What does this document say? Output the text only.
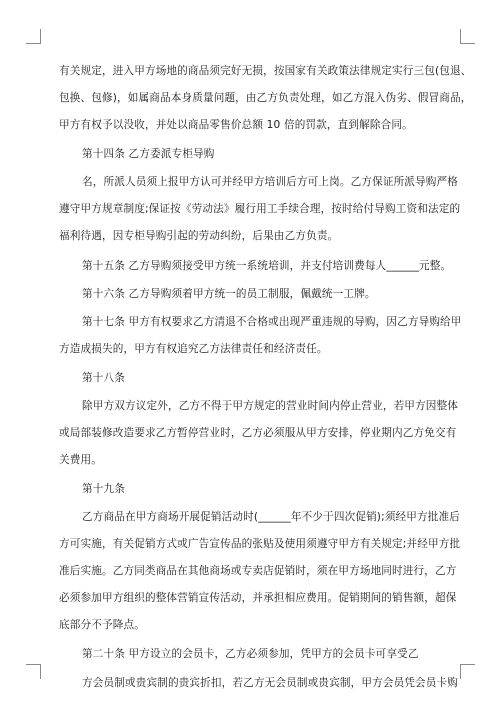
有关规定，进入甲方场地的商品须完好无损，按国家有关政策法律规定实行三包(包退、
包换、包修)，如属商品本身质量问题，由乙方负责处理，如乙方混入伪劣、假冒商品，
甲方有权予以没收，并处以商品零售价总额 10 倍的罚款，直到解除合同。
第十四条 乙方委派专柜导购
名，所派人员须上报甲方认可并经甲方培训后方可上岗。乙方保证所派导购严格
遵守甲方规章制度;保证按《劳动法》履行用工手续合理，按时给付导购工资和法定的
福利待遇，因专柜导购引起的劳动纠纷，后果由乙方负责。
第十五条 乙方导购须接受甲方统一系统培训，并支付培训费每人______元整。
第十六条 乙方导购须着甲方统一的员工制服，佩戴统一工牌。
第十七条 甲方有权要求乙方清退不合格或出现严重违规的导购，因乙方导购给甲
方造成损失的，甲方有权追究乙方法律责任和经济责任。
第十八条
除甲方双方议定外，乙方不得于甲方规定的营业时间内停止营业，若甲方因整体
或局部装修改造要求乙方暂停营业时，乙方必须服从甲方安排，停业期内乙方免交有
关费用。
第十九条
乙方商品在甲方商场开展促销活动时(______年不少于四次促销);须经甲方批准后
方可实施，有关促销方式或广告宣传品的张贴及使用须遵守甲方有关规定;并经甲方批
准后实施。乙方同类商品在其他商场或专卖店促销时，须在甲方场地同时进行，乙方
必须参加甲方组织的整体营销宣传活动，并承担相应费用。促销期间的销售额，超保
底部分不予降点。
第二十条 甲方设立的会员卡，乙方必须参加，凭甲方的会员卡可享受乙
方会员制或贵宾制的贵宾折扣，若乙方无会员制或贵宾制，甲方会员凭会员卡购
